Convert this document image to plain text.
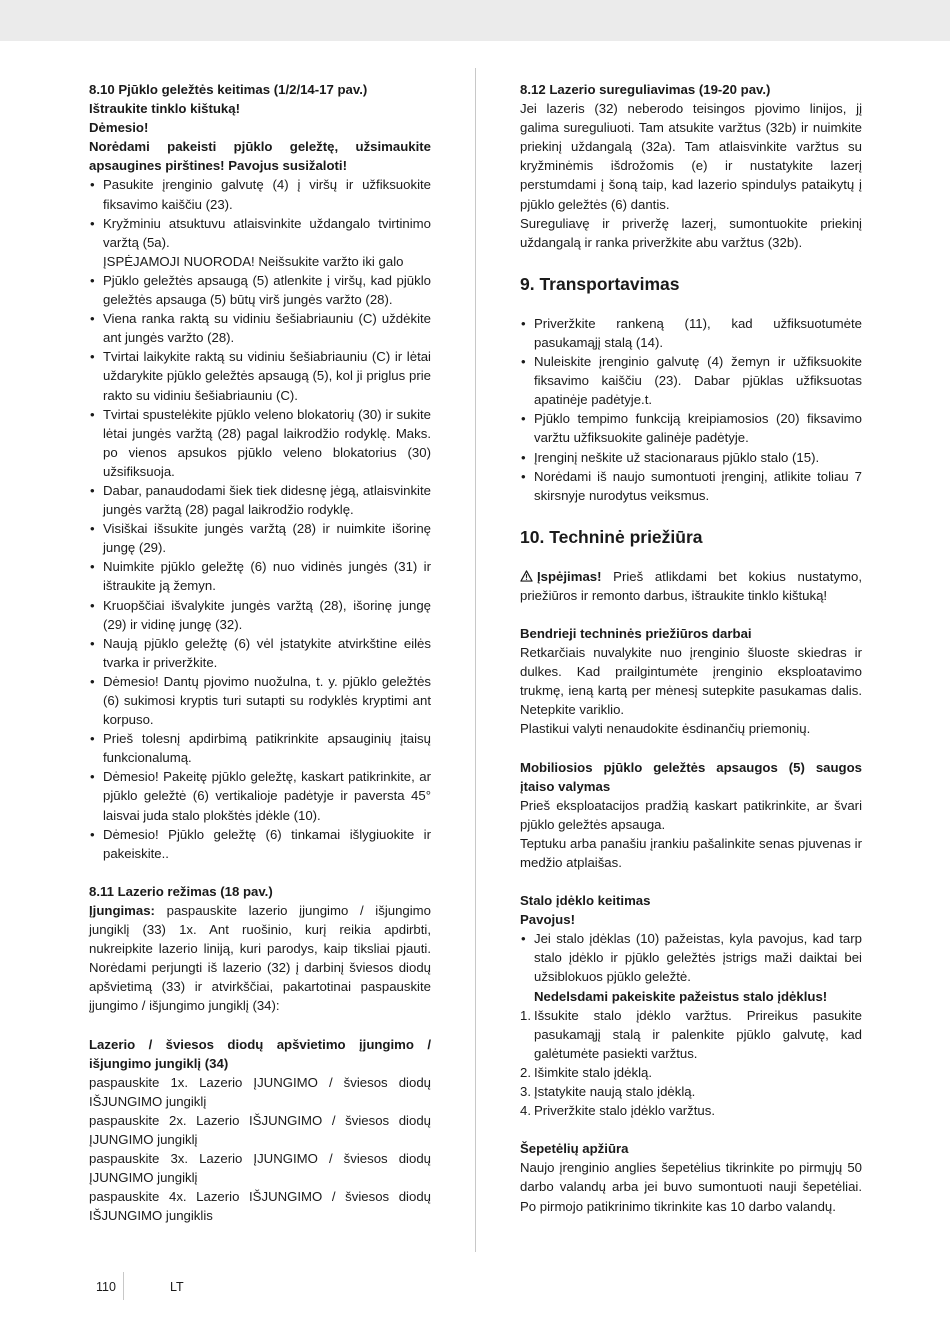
8.10 Pjūklo geležtės keitimas (1/2/14-17 pav.)

Ištraukite tinklo kištuką!

Dėmesio!

Norėdami pakeisti pjūklo geležtę, užsimaukite apsaugines pirštines! Pavojus susižaloti!

• Pasukite įrenginio galvutę (4) į viršų ir užfiksuokite fiksavimo kaiščiu (23).
• Kryžminiu atsuktuvu atlaisvinkite uždangalo tvirtinimo varžtą (5a).
ĮSPĖJAMOJI NUORODA! Neišsukite varžto iki galo
• Pjūklo geležtės apsaugą (5) atlenkite į viršų, kad pjūklo geležtės apsauga (5) būtų virš jungės varžto (28).
• Viena ranka raktą su vidiniu šešiabriauniu (C) uždėkite ant jungės varžto (28).
• Tvirtai laikykite raktą su vidiniu šešiabriauniu (C) ir lėtai uždarykite pjūklo geležtės apsaugą (5), kol ji priglus prie rakto su vidiniu šešiabriauniu (C).
• Tvirtai spustelėkite pjūklo veleno blokatorių (30) ir sukite lėtai jungės varžtą (28) pagal laikrodžio rodyklę. Maks. po vienos apsukos pjūklo veleno blokatorius (30) užsifiksuoja.
• Dabar, panaudodami šiek tiek didesnę jėgą, atlaisvinkite jungės varžtą (28) pagal laikrodžio rodyklę.
• Visiškai išsukite jungės varžtą (28) ir nuimkite išorinę jungę (29).
• Nuimkite pjūklo geležtę (6) nuo vidinės jungės (31) ir ištraukite ją žemyn.
• Kruopščiai išvalykite jungės varžtą (28), išorinę jungę (29) ir vidinę jungę (32).
• Naują pjūklo geležtę (6) vėl įstatykite atvirkštine eilės tvarka ir priveržkite.
• Dėmesio! Dantų pjovimo nuožulna, t. y. pjūklo geležtės (6) sukimosi kryptis turi sutapti su rodyklės kryptimi ant korpuso.
• Prieš tolesnį apdirbimą patikrinkite apsauginių įtaisų funkcionalumą.
• Dėmesio! Pakeitę pjūklo geležtę, kaskart patikrinkite, ar pjūklo geležtė (6) vertikalioje padėtyje ir paversta 45° laisvai juda stalo plokštės įdėkle (10).
• Dėmesio! Pjūklo geležtę (6) tinkamai išlygiuokite ir pakeiskite..

8.11 Lazerio režimas (18 pav.)

Įjungimas: paspauskite lazerio įjungimo / išjungimo jungiklį (33) 1x. Ant ruošinio, kurį reikia apdirbti, nukreipkite lazerio liniją, kuri parodys, kaip tiksliai pjauti. Norėdami perjungti iš lazerio (32) į darbinį šviesos diodų apšvietimą (33) ir atvirkščiai, pakartotinai paspauskite įjungimo / išjungimo jungiklį (34):

Lazerio / šviesos diodų apšvietimo įjungimo / išjungimo jungiklį (34)

paspauskite 1x. Lazerio ĮJUNGIMO / šviesos diodų IŠJUNGIMO jungiklį

paspauskite 2x. Lazerio IŠJUNGIMO / šviesos diodų ĮJUNGIMO jungiklį

paspauskite 3x. Lazerio ĮJUNGIMO / šviesos diodų ĮJUNGIMO jungiklį

paspauskite 4x. Lazerio IŠJUNGIMO / šviesos diodų IŠJUNGIMO jungiklis

8.12 Lazerio sureguliavimas (19-20 pav.)

Jei lazeris (32) neberodo teisingos pjovimo linijos, jį galima sureguliuoti. Tam atsukite varžtus (32b) ir nuimkite priekinį uždangalą (32a). Tam atlaisvinkite varžtus su kryžminėmis išdrožomis (e) ir nustatykite lazerį perstumdami į šoną taip, kad lazerio spindulys pataikytų į pjūklo geležtės (6) dantis.

Sureguliavę ir priveržę lazerį, sumontuokite priekinį uždangalą ir ranka priveržkite abu varžtus (32b).

9. Transportavimas
• Priveržkite rankeną (11), kad užfiksuotumėte pasukamąjį stalą (14).
• Nuleiskite įrenginio galvutę (4) žemyn ir užfiksuokite fiksavimo kaiščiu (23). Dabar pjūklas užfiksuotas apatinėje padėtyje.t.
• Pjūklo tempimo funkciją kreipiamosios (20) fiksavimo varžtu užfiksuokite galinėje padėtyje.
• Įrenginį neškite už stacionaraus pjūklo stalo (15).
• Norėdami iš naujo sumontuoti įrenginį, atlikite toliau 7 skirsnyje nurodytus veiksmus.
10. Techninė priežiūra

Įspėjimas! Prieš atlikdami bet kokius nustatymo, priežiūros ir remonto darbus, ištraukite tinklo kištuką!

Bendrieji techninės priežiūros darbai

Retkarčiais nuvalykite nuo įrenginio šluoste skiedras ir dulkes. Kad prailgintumėte įrenginio eksploatavimo trukmę, ieną kartą per mėnesį sutepkite pasukamas dalis. Netepkite variklio.

Plastikui valyti nenaudokite ėsdinančių priemonių.

Mobiliosios pjūklo geležtės apsaugos (5) saugos įtaiso valymas

Prieš eksploatacijos pradžią kaskart patikrinkite, ar švari pjūklo geležtės apsauga.

Teptuku arba panašiu įrankiu pašalinkite senas pjuvenas ir medžio atplaišas.

Stalo įdėklo keitimas

Pavojus!

• Jei stalo įdėklas (10) pažeistas, kyla pavojus, kad tarp stalo įdėklo ir pjūklo geležtės įstrigs maži daiktai bei užsiblokuos pjūklo geležtė.
Nedelsdami pakeiskite pažeistus stalo įdėklus!
1. Išsukite stalo įdėklo varžtus. Prireikus pasukite pasukamąjį stalą ir palenkite pjūklo galvutę, kad galėtumėte pasiekti varžtus.
2. Išimkite stalo įdėklą.
3. Įstatykite naują stalo įdėklą.
4. Priveržkite stalo įdėklo varžtus.

Šepetėlių apžiūra

Naujo įrenginio anglies šepetėlius tikrinkite po pirmųjų 50 darbo valandų arba jei buvo sumontuoti nauji šepetėliai. Po pirmojo patikrinimo tikrinkite kas 10 darbo valandų.

110	LT
